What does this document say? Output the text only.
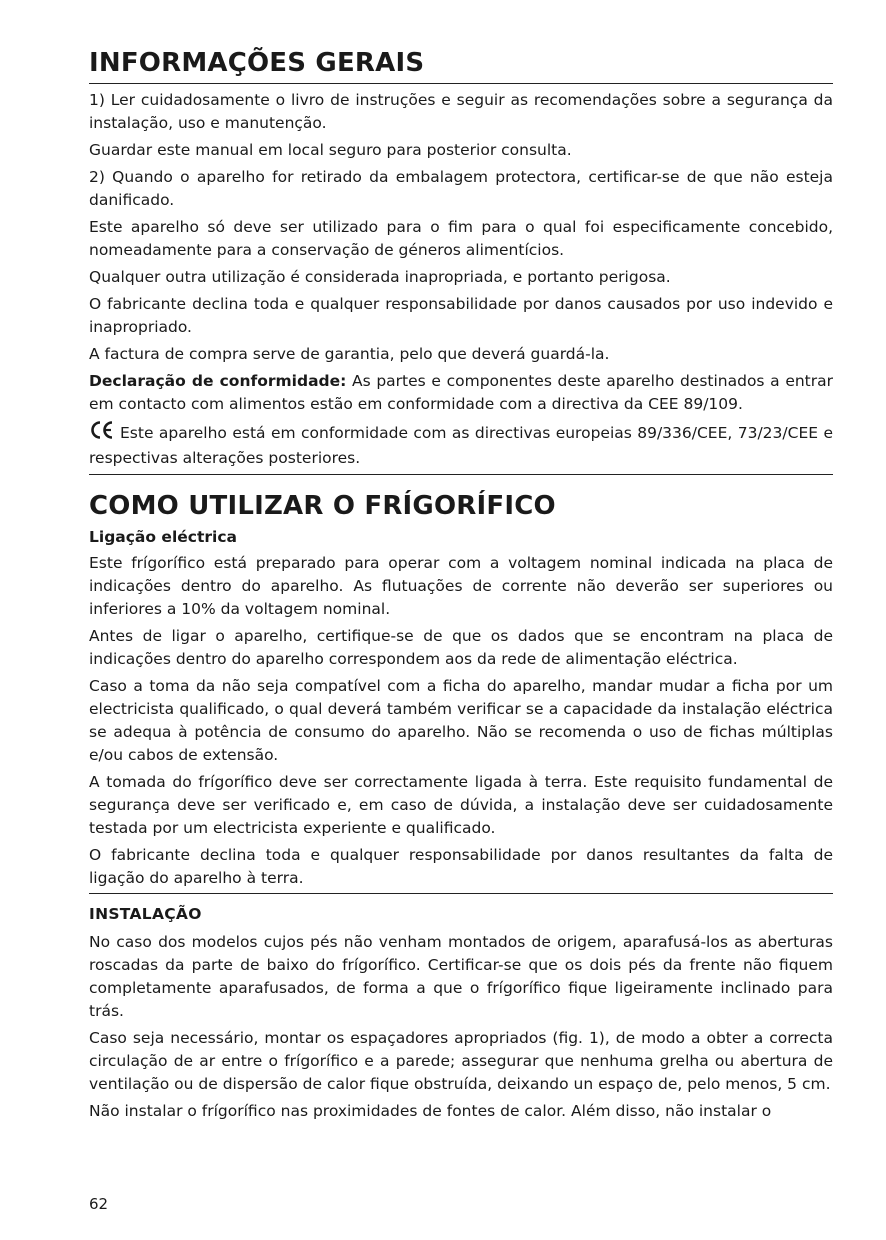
INFORMAÇÕES GERAIS

1) Ler cuidadosamente o livro de instruções e seguir as recomendações sobre a segurança da instalação, uso e manutenção.

Guardar este manual em local seguro para posterior consulta.

2) Quando o aparelho for retirado da embalagem protectora, certificar-se de que não esteja danificado.

Este aparelho só deve ser utilizado para o fim para o qual foi especificamente concebido, nomeadamente para a conservação de géneros alimentícios.

Qualquer outra utilização é considerada inapropriada, e portanto perigosa.

O fabricante declina toda e qualquer responsabilidade por danos causados por uso indevido e inapropriado.

A factura de compra serve de garantia, pelo que deverá guardá-la.

Declaração de conformidade: As partes e componentes deste aparelho destinados a entrar em contacto com alimentos estão em conformidade com a directiva da CEE 89/109.

Este aparelho está em conformidade com as directivas europeias 89/336/CEE, 73/23/CEE e respectivas alterações posteriores.

COMO UTILIZAR O FRÍGORÍFICO
Ligação eléctrica

Este frígorífico está preparado para operar com a voltagem nominal indicada na placa de indicações dentro do aparelho. As flutuações de corrente não deverão ser superiores ou inferiores a 10% da voltagem nominal.

Antes de ligar o aparelho, certifique-se de que os dados que se encontram na placa de indicações dentro do aparelho correspondem aos da rede de alimentação eléctrica.

Caso a toma da não seja compatível com a ficha do aparelho, mandar mudar a ficha por um electricista qualificado, o qual deverá também verificar se a capacidade da instalação eléctrica se adequa à potência de consumo do aparelho. Não se recomenda o uso de fichas múltiplas e/ou cabos de extensão.

A tomada do frígorífico deve ser correctamente ligada à terra. Este requisito fundamental de segurança deve ser verificado e, em caso de dúvida, a instalação deve ser cuidadosamente testada por um electricista experiente e qualificado.

O fabricante declina toda e qualquer responsabilidade por danos resultantes da falta de ligação do aparelho à terra.

INSTALAÇÃO

No caso dos modelos cujos pés não venham montados de origem, aparafusá-los as aberturas roscadas da parte de baixo do frígorífico. Certificar-se que os dois pés da frente não fiquem completamente aparafusados, de forma a que o frígorífico fique ligeiramente inclinado para trás.

Caso seja necessário, montar os espaçadores apropriados (fig. 1), de modo a obter a correcta circulação de ar entre o frígorífico e a parede; assegurar que nenhuma grelha ou abertura de ventilação ou de dispersão de calor fique obstruída, deixando un espaço de, pelo menos, 5 cm.

Não instalar o frígorífico nas proximidades de fontes de calor. Além disso, não instalar o

62
